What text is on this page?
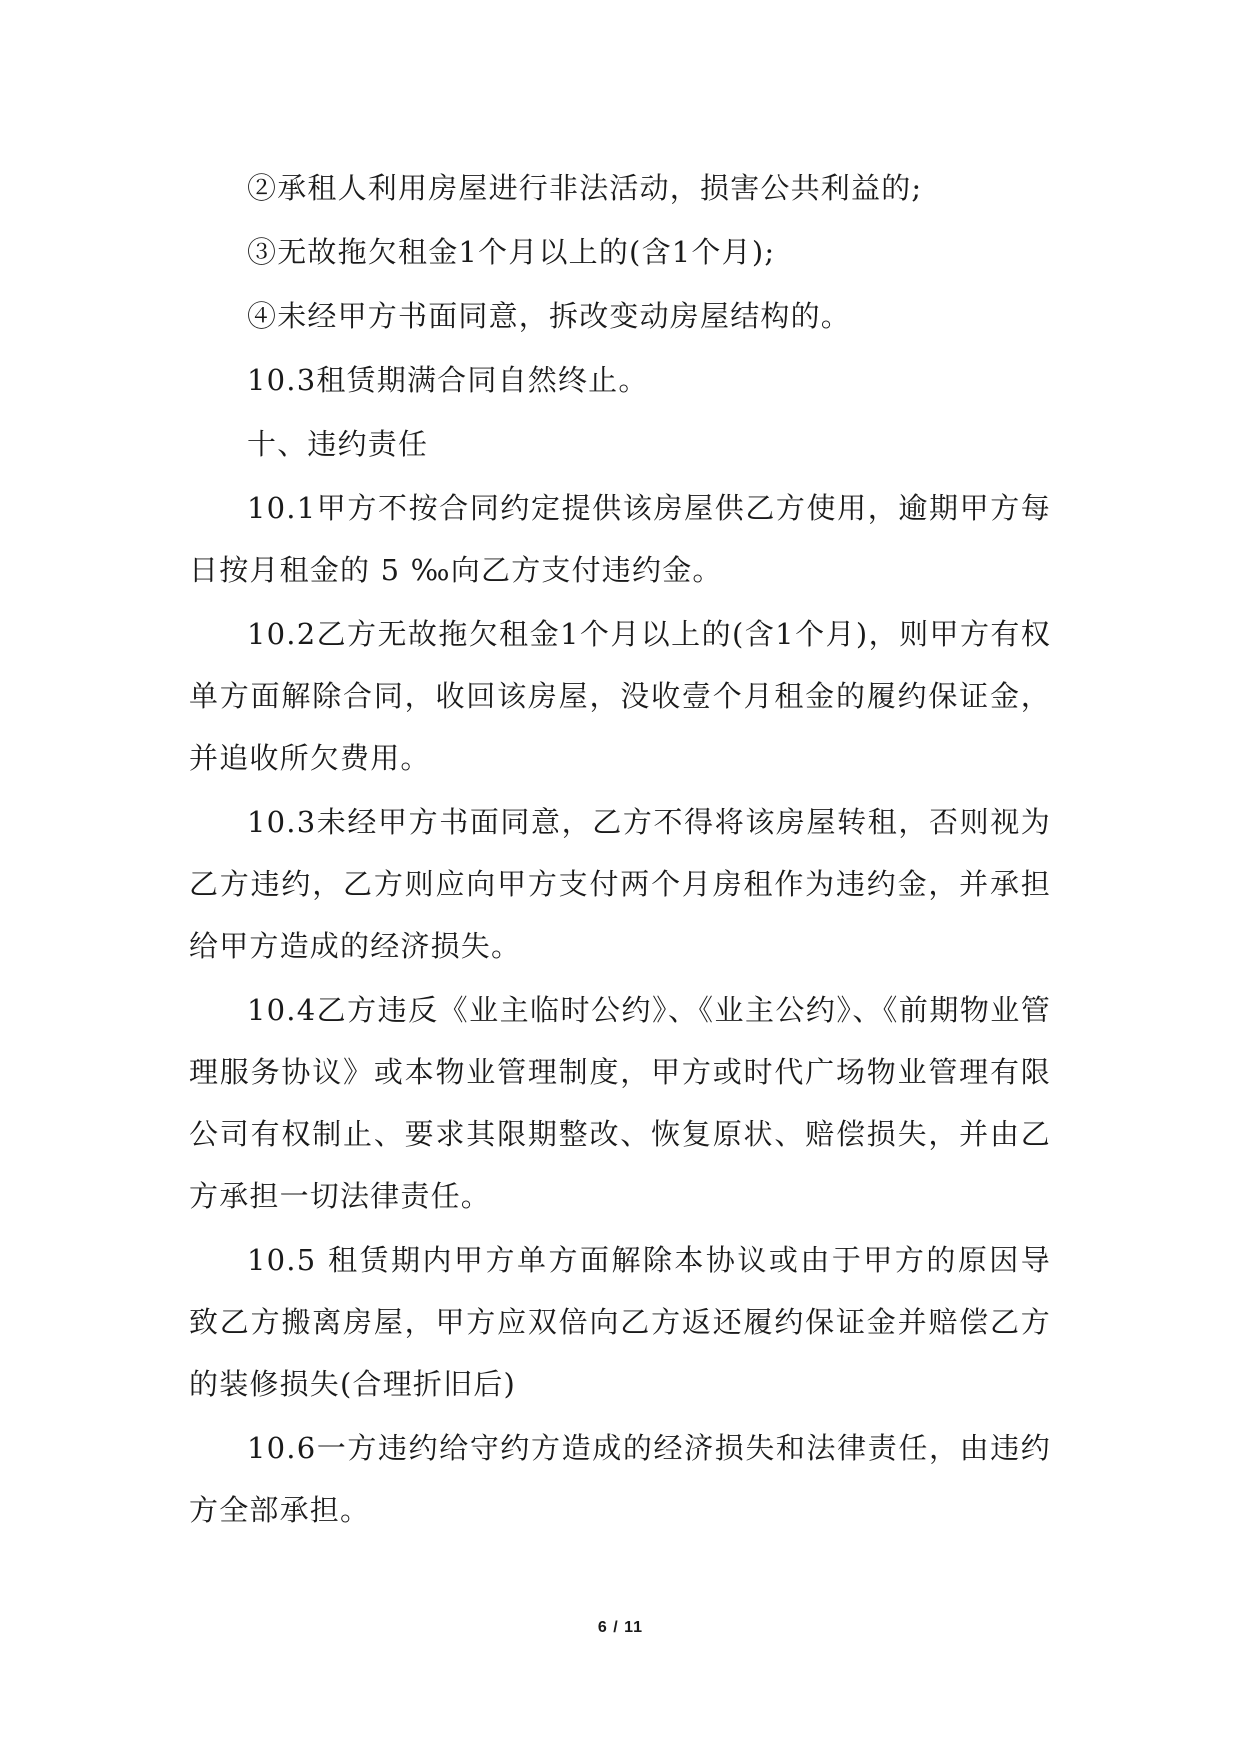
②承租人利用房屋进行非法活动，损害公共利益的;

③无故拖欠租金1个月以上的(含1个月);

④未经甲方书面同意，拆改变动房屋结构的。

10.3租赁期满合同自然终止。

十、违约责任

10.1甲方不按合同约定提供该房屋供乙方使用，逾期甲方每日按月租金的 5 ‰向乙方支付违约金。

10.2乙方无故拖欠租金1个月以上的(含1个月)，则甲方有权单方面解除合同，收回该房屋，没收壹个月租金的履约保证金，并追收所欠费用。

10.3未经甲方书面同意，乙方不得将该房屋转租，否则视为乙方违约，乙方则应向甲方支付两个月房租作为违约金，并承担给甲方造成的经济损失。

10.4乙方违反《业主临时公约》、《业主公约》、《前期物业管理服务协议》或本物业管理制度，甲方或时代广场物业管理有限公司有权制止、要求其限期整改、恢复原状、赔偿损失，并由乙方承担一切法律责任。

10.5 租赁期内甲方单方面解除本协议或由于甲方的原因导致乙方搬离房屋，甲方应双倍向乙方返还履约保证金并赔偿乙方的装修损失(合理折旧后)

10.6一方违约给守约方造成的经济损失和法律责任，由违约方全部承担。

6 / 11
